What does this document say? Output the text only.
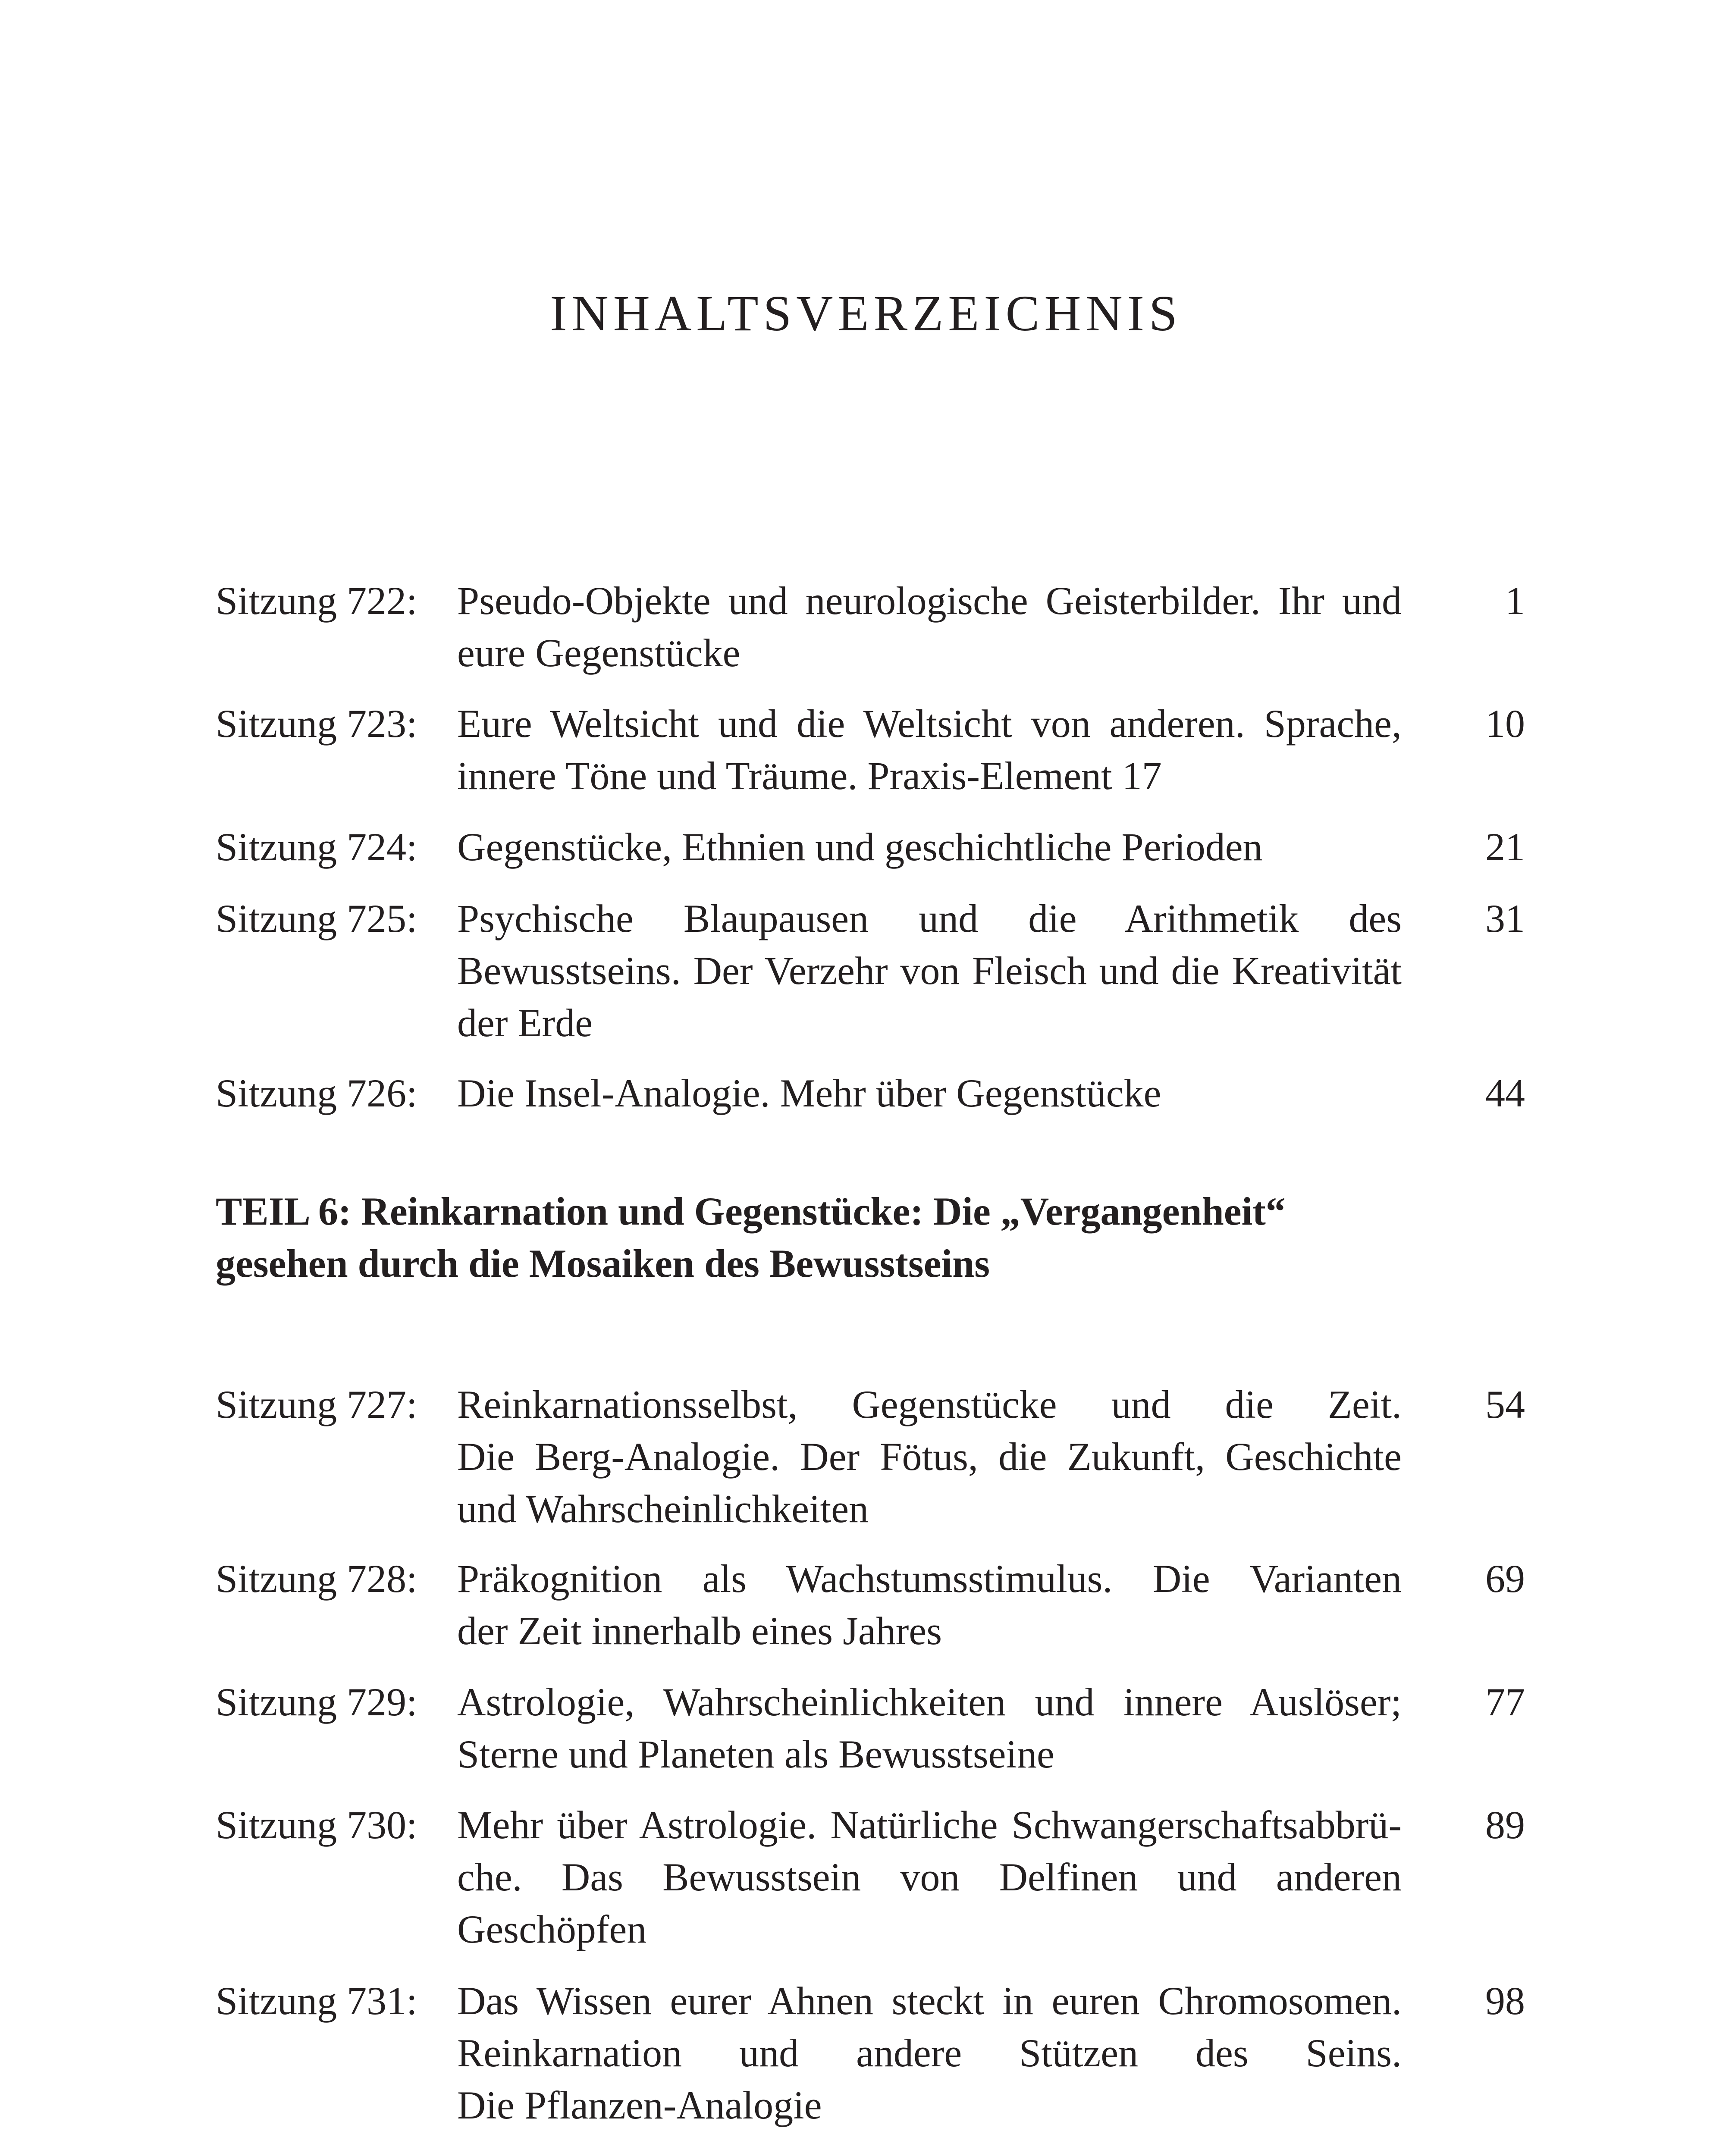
INHALTSVERZEICHNIS
Sitzung 722: Pseudo-Objekte und neurologische Geisterbilder. Ihr und
eure Gegenstücke
1
Sitzung 723: Eure Weltsicht und die Weltsicht von anderen. Sprache,
innere Töne und Träume. Praxis-Element 17
10
Sitzung 724: Gegenstücke, Ethnien und geschichtliche Perioden	21
Sitzung 725: Psychische Blaupausen und die Arithmetik des
Bewusstseins. Der Verzehr von Fleisch und die Kreativität
der Erde
31
Sitzung 726: Die Insel-Analogie. Mehr über Gegenstücke	44
TEIL 6: Reinkarnation und Gegenstücke: Die „Vergangenheit“
gesehen durch die Mosaiken des Bewusstseins
Sitzung 727: Reinkarnationsselbst, Gegenstücke und die Zeit.
Die Berg-Analogie. Der Fötus, die Zukunft, Geschichte
und Wahrscheinlichkeiten
54
Sitzung 728: Präkognition als Wachstumsstimulus. Die Varianten
der Zeit innerhalb eines Jahres
69
Sitzung 729: Astrologie, Wahrscheinlichkeiten und innere Auslöser;
Sterne und Planeten als Bewusstseine
77
Sitzung 730: Mehr über Astrologie. Natürliche Schwangerschaftsabbrü-
che. Das Bewusstsein von Delfinen und anderen
Geschöpfen
89
Sitzung 731: Das Wissen eurer Ahnen steckt in euren Chromosomen.
Reinkarnation und andere Stützen des Seins.
Die Pflanzen-Analogie
98
